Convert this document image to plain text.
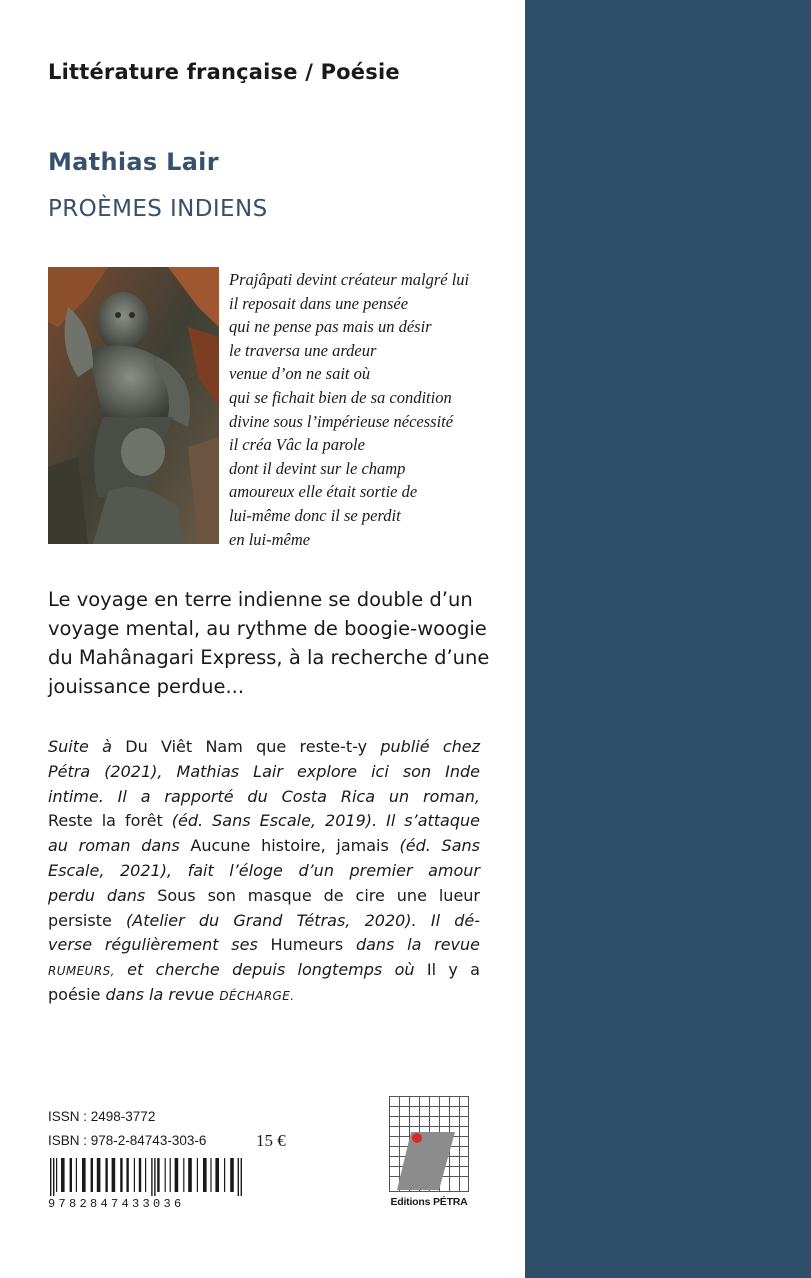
Littérature française / Poésie
Mathias Lair
PROÈMES INDIENS
Prajâpati devint créateur malgré lui
il reposait dans une pensée
qui ne pense pas mais un désir
le traversa une ardeur
venue d’on ne sait où
qui se fichait bien de sa condition
divine sous l’impérieuse nécessité
il créa Vâc la parole
dont il devint sur le champ
amoureux elle était sortie de
lui-même donc il se perdit
en lui-même
Le voyage en terre indienne se double d’un
voyage mental, au rythme de boogie-woogie
du Mahânagari Express, à la recherche d’une
jouissance perdue...
Suite à Du Viêt Nam que reste-t-y publié chez
Pétra (2021), Mathias Lair explore ici son Inde
intime. Il a rapporté du Costa Rica un roman,
Reste la forêt (éd. Sans Escale, 2019). Il s’attaque
au roman dans Aucune histoire, jamais (éd. Sans
Escale, 2021), fait l’éloge d’un premier amour
perdu dans Sous son masque de cire une lueur
persiste (Atelier du Grand Tétras, 2020). Il dé-
verse régulièrement ses Humeurs dans la revue
RUMEURS, et cherche depuis longtemps où Il y a
poésie dans la revue DÉCHARGE.
ISSN : 2498-3772
ISBN : 978-2-84743-303-6	15 €
9782847433036	Editions PÉTRA
